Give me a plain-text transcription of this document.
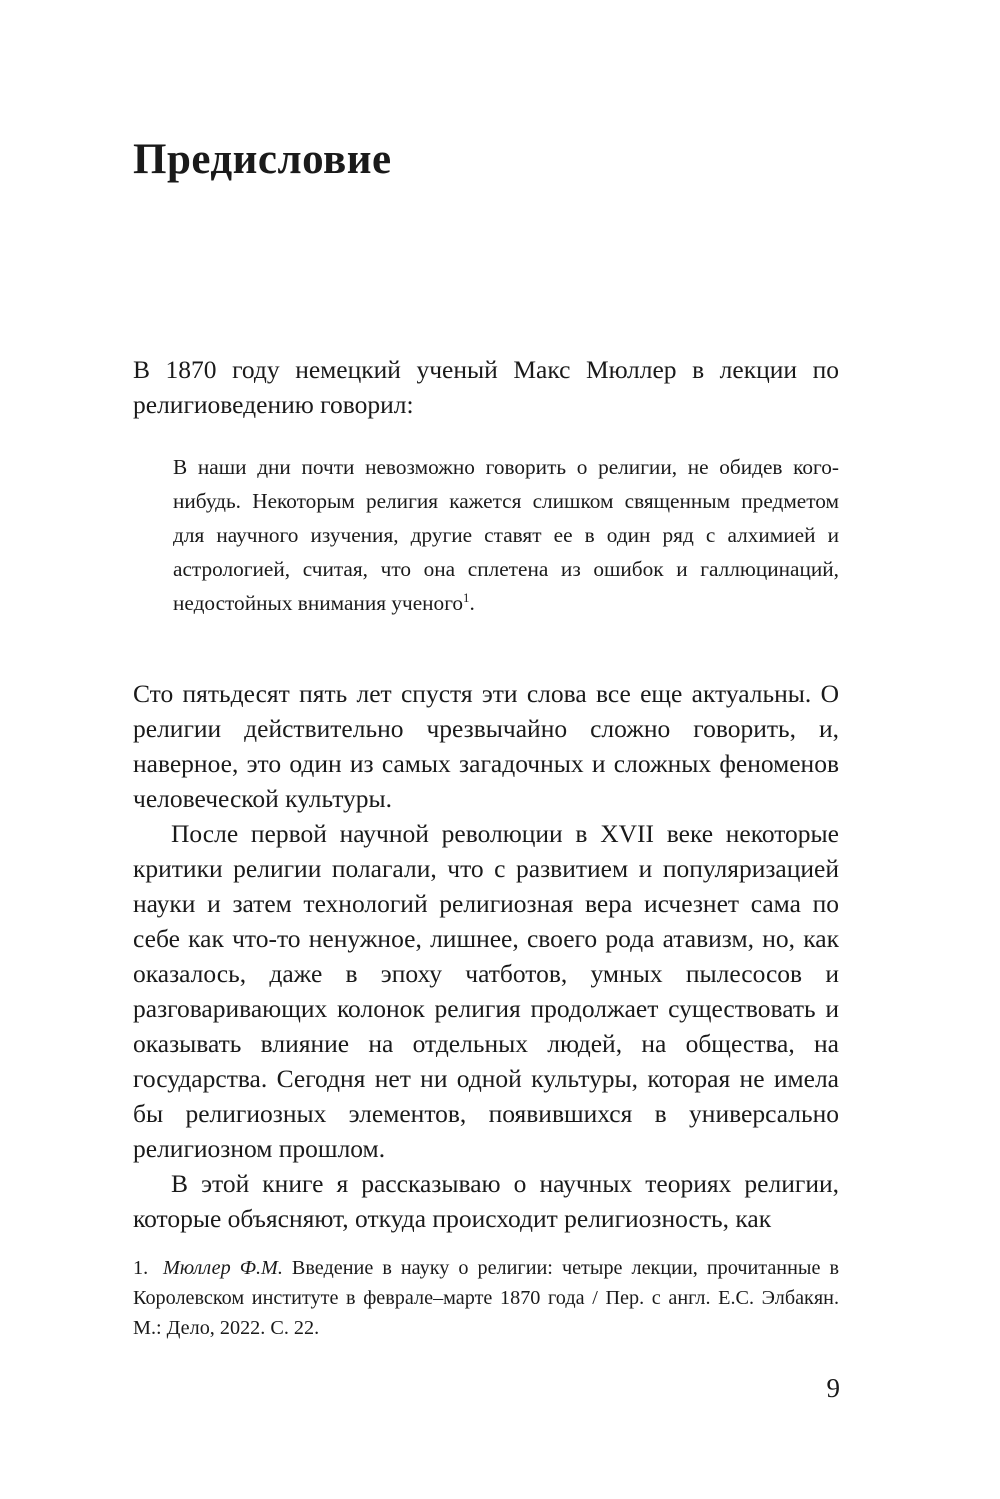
Предисловие

В 1870 году немецкий ученый Макс Мюллер в лекции по религиоведению говорил:

В наши дни почти невозможно говорить о религии, не обидев кого-нибудь. Некоторым религия кажется слишком священным предметом для научного изучения, другие ставят ее в один ряд с алхимией и астрологией, считая, что она сплетена из ошибок и галлюцинаций, недостойных внимания ученого$^1$.

Сто пятьдесят пять лет спустя эти слова все еще актуальны. О религии действительно чрезвычайно сложно говорить, и, наверное, это один из самых загадочных и сложных феноменов человеческой культуры.

После первой научной революции в XVII веке некоторые критики религии полагали, что с развитием и популяризацией науки и затем технологий религиозная вера исчезнет сама по себе как что-то ненужное, лишнее, своего рода атавизм, но, как оказалось, даже в эпоху чатботов, умных пылесосов и разговаривающих колонок религия продолжает существовать и оказывать влияние на отдельных людей, на общества, на государства. Сегодня нет ни одной культуры, которая не имела бы религиозных элементов, появившихся в универсально религиозном прошлом.

В этой книге я рассказываю о научных теориях религии, которые объясняют, откуда происходит религиозность, как

1. Мюллер Ф.М. Введение в науку о религии: четыре лекции, прочитанные в Королевском институте в феврале–марте 1870 года / Пер. с англ. Е.С. Элбакян. М.: Дело, 2022. С. 22.

9
